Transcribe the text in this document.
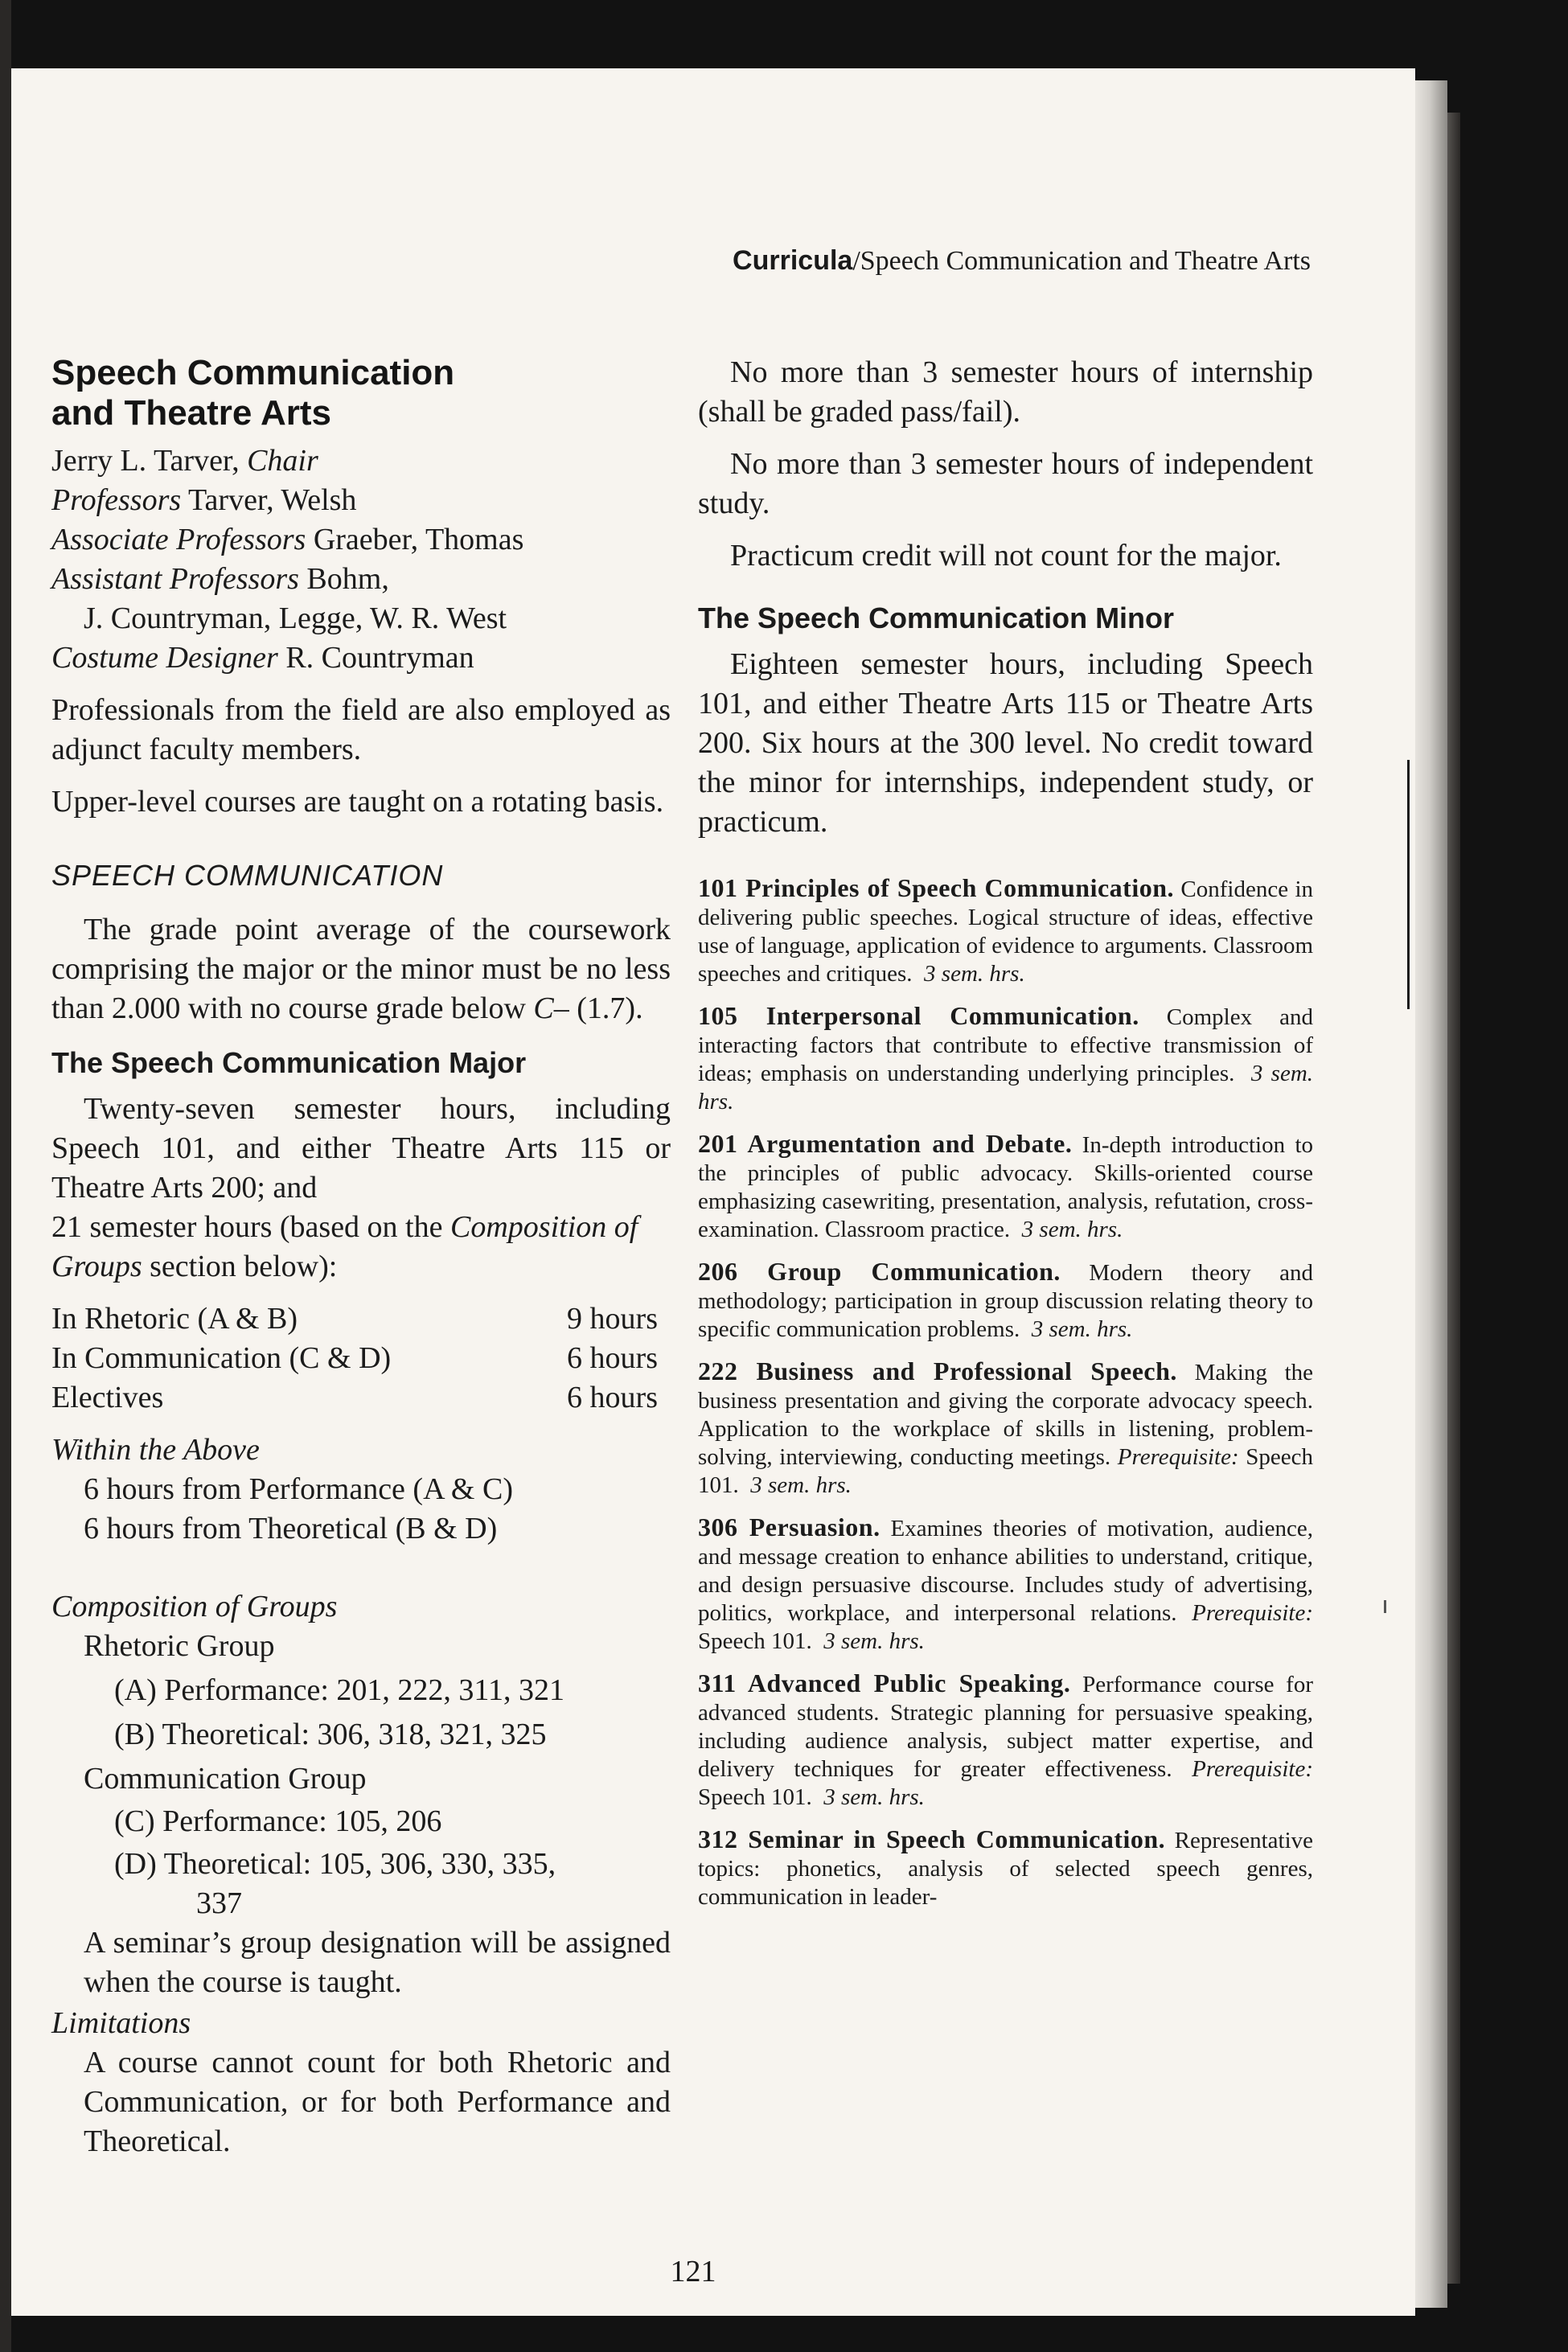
Curricula/Speech Communication and Theatre Arts
Speech Communication
and Theatre Arts
Jerry L. Tarver, Chair
Professors Tarver, Welsh
Associate Professors Graeber, Thomas
Assistant Professors Bohm,
J. Countryman, Legge, W. R. West
Costume Designer R. Countryman

Professionals from the field are also employed as adjunct faculty members.

Upper-level courses are taught on a rotating basis.

SPEECH COMMUNICATION

The grade point average of the coursework comprising the major or the minor must be no less than 2.000 with no course grade below C– (1.7).

The Speech Communication Major

Twenty-seven semester hours, including Speech 101, and either Theatre Arts 115 or Theatre Arts 200; and

21 semester hours (based on the Composition of Groups section below):

In Rhetoric (A & B)	9 hours
In Communication (C & D)	6 hours
Electives	6 hours
Within the Above
6 hours from Performance (A & C)
6 hours from Theoretical (B & D)
Composition of Groups
Rhetoric Group
(A) Performance: 201, 222, 311, 321
(B) Theoretical: 306, 318, 321, 325
Communication Group
(C) Performance: 105, 206
(D) Theoretical: 105, 306, 330, 335,
337

A seminar’s group designation will be assigned when the course is taught.

Limitations

A course cannot count for both Rhetoric and Communication, or for both Performance and Theoretical.

No more than 3 semester hours of internship (shall be graded pass/fail).

No more than 3 semester hours of independent study.

Practicum credit will not count for the major.

The Speech Communication Minor

Eighteen semester hours, including Speech 101, and either Theatre Arts 115 or Theatre Arts 200. Six hours at the 300 level. No credit toward the minor for internships, independent study, or practicum.

101 Principles of Speech Communication. Confidence in delivering public speeches. Logical structure of ideas, effective use of language, application of evidence to arguments. Classroom speeches and critiques. 3 sem. hrs.

105 Interpersonal Communication. Complex and interacting factors that contribute to effective transmission of ideas; emphasis on understanding underlying principles. 3 sem. hrs.

201 Argumentation and Debate. In-depth introduction to the principles of public advocacy. Skills-oriented course emphasizing casewriting, presentation, analysis, refutation, cross-examination. Classroom practice. 3 sem. hrs.

206 Group Communication. Modern theory and methodology; participation in group discussion relating theory to specific communication problems. 3 sem. hrs.

222 Business and Professional Speech. Making the business presentation and giving the corporate advocacy speech. Application to the workplace of skills in listening, problem-solving, interviewing, conducting meetings. Prerequisite: Speech 101. 3 sem. hrs.

306 Persuasion. Examines theories of motivation, audience, and message creation to enhance abilities to understand, critique, and design persuasive discourse. Includes study of advertising, politics, workplace, and interpersonal relations. Prerequisite: Speech 101. 3 sem. hrs.

311 Advanced Public Speaking. Performance course for advanced students. Strategic planning for persuasive speaking, including audience analysis, subject matter expertise, and delivery techniques for greater effectiveness. Prerequisite: Speech 101. 3 sem. hrs.

312 Seminar in Speech Communication. Representative topics: phonetics, analysis of selected speech genres, communication in leader-

121
